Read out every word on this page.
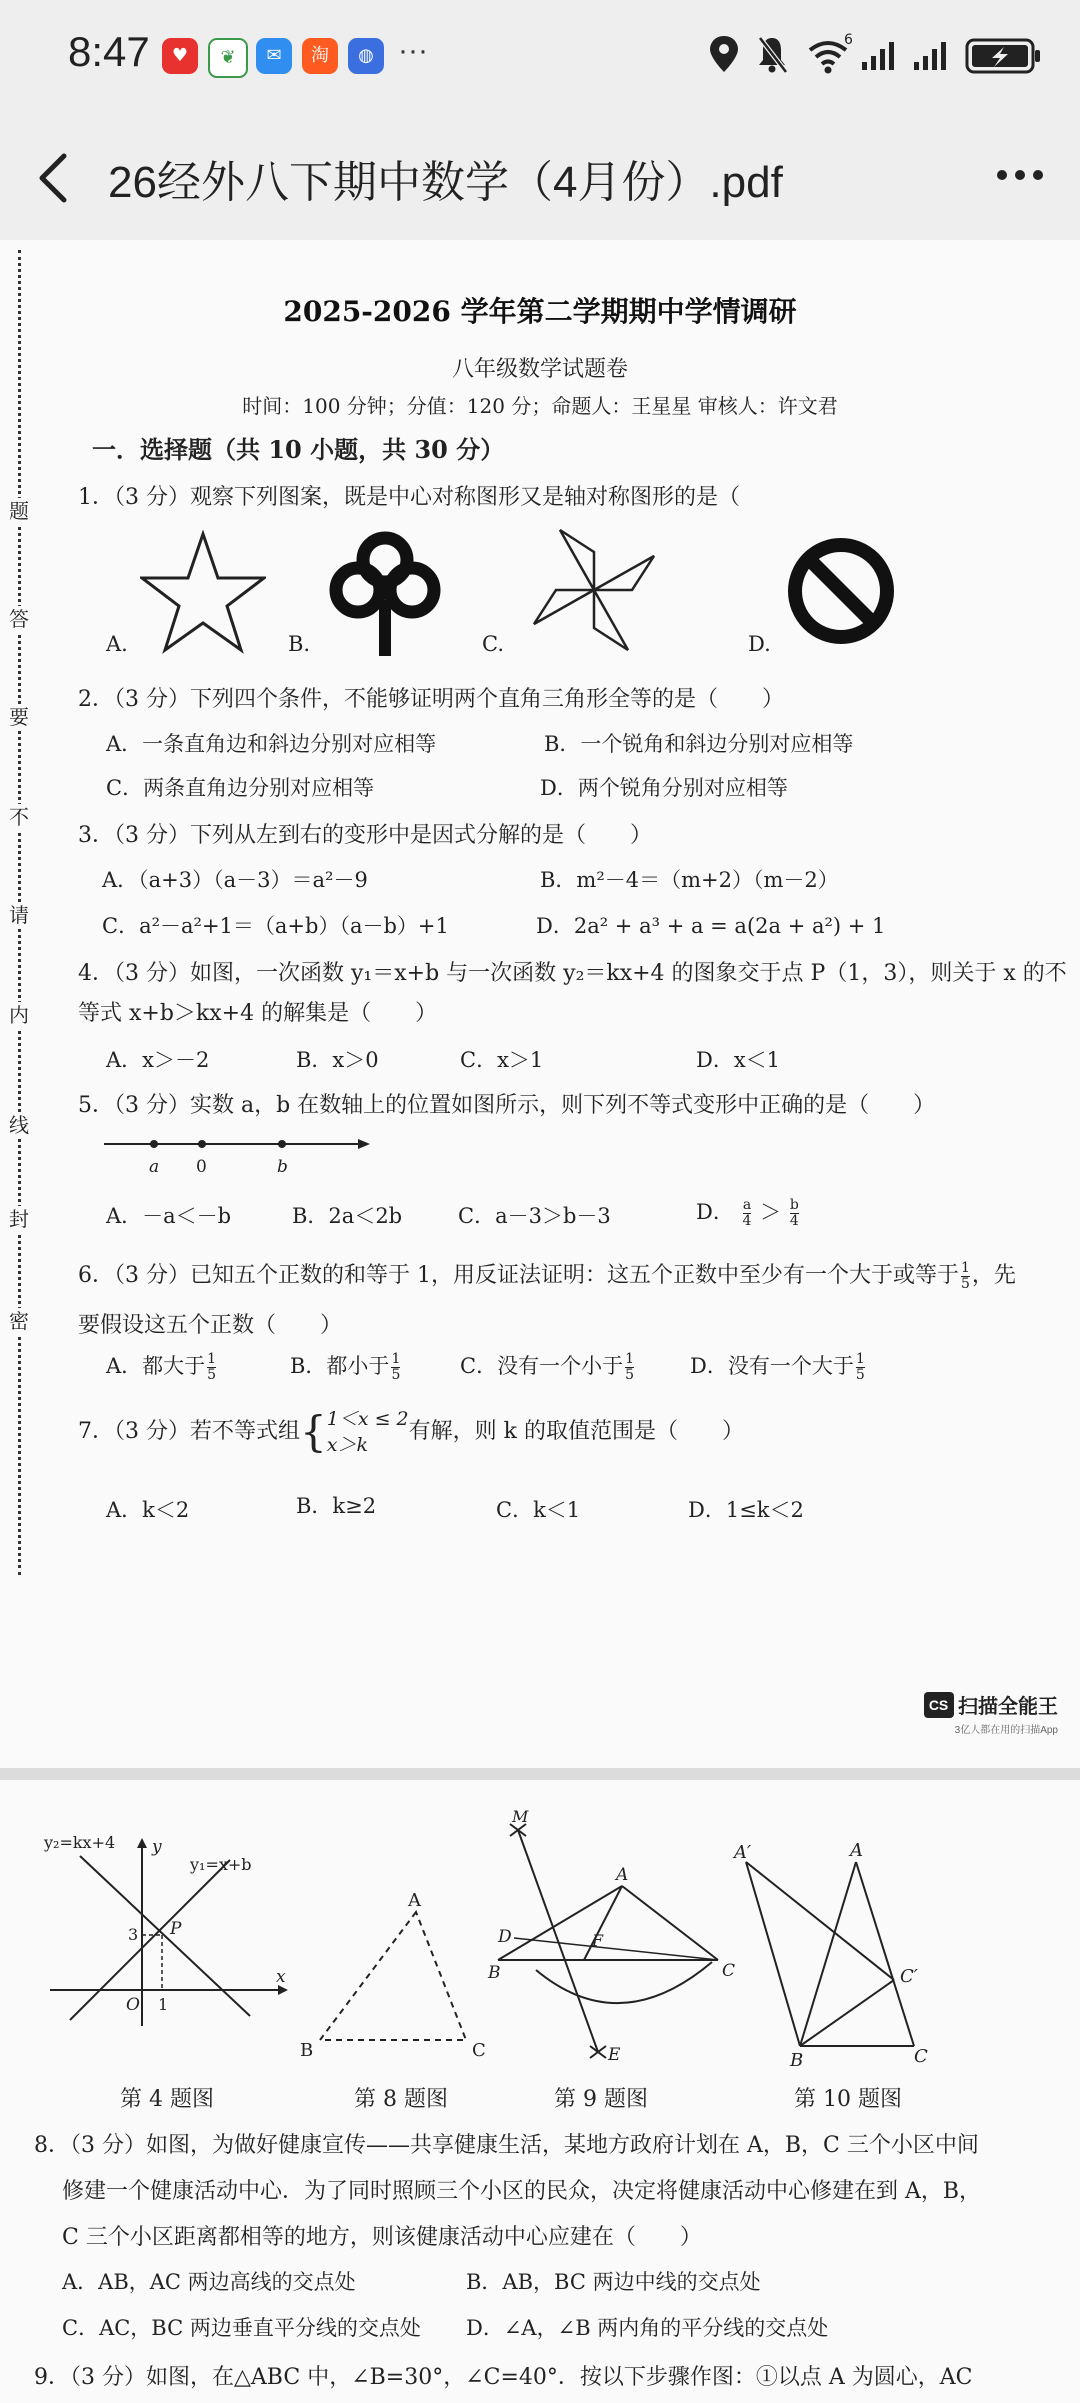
8:47	♥	❦	✉	淘	◍ ···	6
26经外八下期中数学（4月份）.pdf
题
答
要
不
请
内
线
封
密
2025-2026 学年第二学期期中学情调研
八年级数学试题卷
时间：100 分钟；分值：120 分；命题人：王星星 审核人：许文君
一．选择题（共 10 小题，共 30 分）
1．（3 分）观察下列图案，既是中心对称图形又是轴对称图形的是（
A.	B.	C.	D.
2．（3 分）下列四个条件，不能够证明两个直角三角形全等的是（　　）
A．一条直角边和斜边分别对应相等	B．一个锐角和斜边分别对应相等
C．两条直角边分别对应相等	D．两个锐角分别对应相等
3．（3 分）下列从左到右的变形中是因式分解的是（　　）
A．（a+3）（a－3）＝a²－9	B．m²－4＝（m+2）（m－2）
C．a²－a²+1＝（a+b）（a－b）+1	D．2a² + a³ + a = a(2a + a²) + 1
4．（3 分）如图，一次函数 y₁＝x+b 与一次函数 y₂＝kx+4 的图象交于点 P（1，3），则关于 x 的不
等式 x+b＞kx+4 的解集是（　　）
A．x＞－2	B．x＞0	C．x＞1	D．x＜1
5．（3 分）实数 a，b 在数轴上的位置如图所示，则下列不等式变形中正确的是（　　）
a 0	b
A．－a＜－b	B．2a＜2b	C．a－3＞b－3	D． $\frac{a}{4} > \frac{b}{4}$
6．（3 分）已知五个正数的和等于 1，用反证法证明：这五个正数中至少有一个大于或等于 $\frac{1}{5}$ ，先
要假设这五个正数（　　）
A．都大于 $\frac{1}{5}$	B．都小于 $\frac{1}{5}$	C．没有一个小于 $\frac{1}{5}$	D．没有一个大于 $\frac{1}{5}$
7．（3 分）若不等式组{ 1＜x ≤ 2
x＞k
有解，则 k 的取值范围是（　　）
A．k＜2	B．k≥2	C．k＜1	D．1≤k＜2
CS 扫描全能王
3亿人都在用的扫描App
y₂=kx+4
y₁=x+b
P
3
1
O
x
y
第 4 题图
A
B	C
第 8 题图
M
A
D
B
F
C
E
第 9 题图
A′	A
C′
B	C
第 10 题图
8．（3 分）如图，为做好健康宣传——共享健康生活，某地方政府计划在 A，B，C 三个小区中间
修建一个健康活动中心．为了同时照顾三个小区的民众，决定将健康活动中心修建在到 A，B，
C 三个小区距离都相等的地方，则该健康活动中心应建在（　　）
A．AB，AC 两边高线的交点处	B．AB，BC 两边中线的交点处
C．AC，BC 两边垂直平分线的交点处 D．∠A，∠B 两内角的平分线的交点处
9．（3 分）如图，在△ABC 中，∠B=30°，∠C=40°．按以下步骤作图：①以点 A 为圆心，AC
